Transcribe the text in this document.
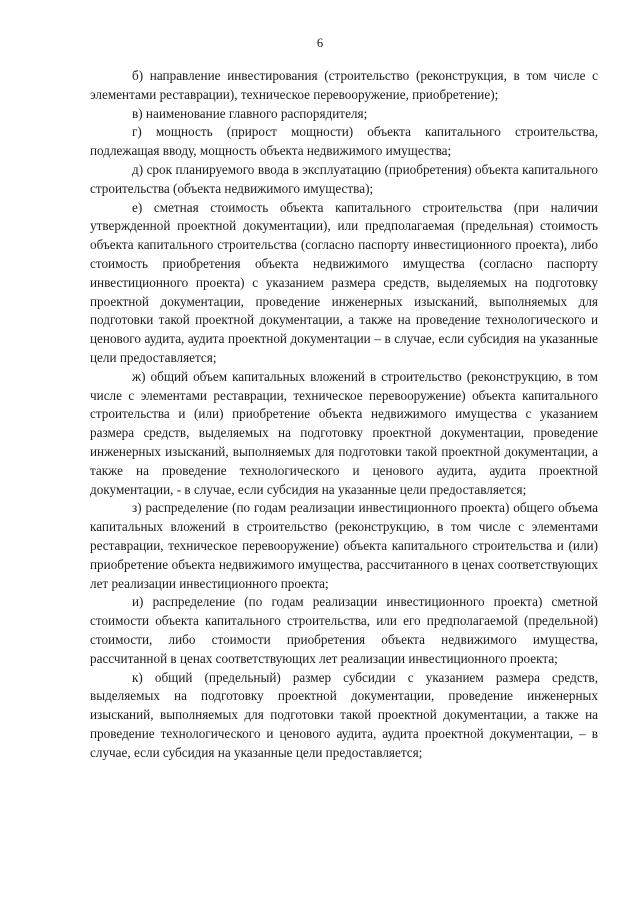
6

б) направление инвестирования (строительство (реконструкция, в том числе с элементами реставрации), техническое перевооружение, приобретение);

в) наименование главного распорядителя;

г) мощность (прирост мощности) объекта капитального строительства, подлежащая вводу, мощность объекта недвижимого имущества;

д) срок планируемого ввода в эксплуатацию (приобретения) объекта капитального строительства (объекта недвижимого имущества);

е) сметная стоимость объекта капитального строительства (при наличии утвержденной проектной документации), или предполагаемая (предельная) стоимость объекта капитального строительства (согласно паспорту инвестиционного проекта), либо стоимость приобретения объекта недвижимого имущества (согласно паспорту инвестиционного проекта) с указанием размера средств, выделяемых на подготовку проектной документации, проведение инженерных изысканий, выполняемых для подготовки такой проектной документации, а также на проведение технологического и ценового аудита, аудита проектной документации – в случае, если субсидия на указанные цели предоставляется;

ж) общий объем капитальных вложений в строительство (реконструкцию, в том числе с элементами реставрации, техническое перевооружение) объекта капитального строительства и (или) приобретение объекта недвижимого имущества с указанием размера средств, выделяемых на подготовку проектной документации, проведение инженерных изысканий, выполняемых для подготовки такой проектной документации, а также на проведение технологического и ценового аудита, аудита проектной документации, - в случае, если субсидия на указанные цели предоставляется;

з) распределение (по годам реализации инвестиционного проекта) общего объема капитальных вложений в строительство (реконструкцию, в том числе с элементами реставрации, техническое перевооружение) объекта капитального строительства и (или) приобретение объекта недвижимого имущества, рассчитанного в ценах соответствующих лет реализации инвестиционного проекта;

и) распределение (по годам реализации инвестиционного проекта) сметной стоимости объекта капитального строительства, или его предполагаемой (предельной) стоимости, либо стоимости приобретения объекта недвижимого имущества, рассчитанной в ценах соответствующих лет реализации инвестиционного проекта;

к) общий (предельный) размер субсидии с указанием размера средств, выделяемых на подготовку проектной документации, проведение инженерных изысканий, выполняемых для подготовки такой проектной документации, а также на проведение технологического и ценового аудита, аудита проектной документации, – в случае, если субсидия на указанные цели предоставляется;
